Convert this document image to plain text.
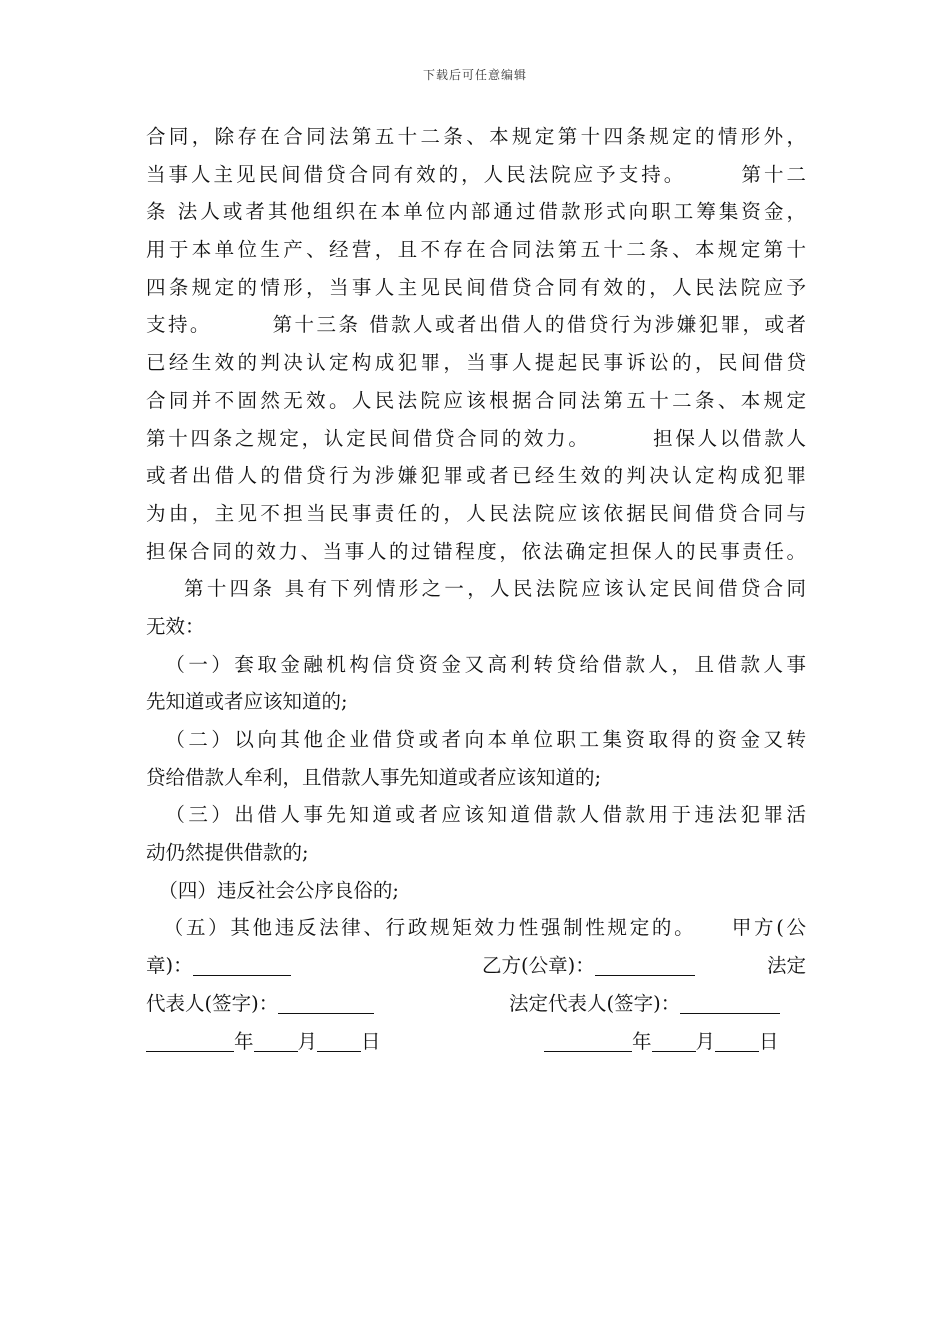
下载后可任意编辑
合同，除存在合同法第五十二条、本规定第十四条规定的情形外，
当事人主见民间借贷合同有效的，人民法院应予支持。      第十二
条 法人或者其他组织在本单位内部通过借款形式向职工筹集资金，
用于本单位生产、经营，且不存在合同法第五十二条、本规定第十
四条规定的情形，当事人主见民间借贷合同有效的，人民法院应予
支持。       第十三条 借款人或者出借人的借贷行为涉嫌犯罪，或者
已经生效的判决认定构成犯罪，当事人提起民事诉讼的，民间借贷
合同并不固然无效。人民法院应该根据合同法第五十二条、本规定
第十四条之规定，认定民间借贷合同的效力。       担保人以借款人
或者出借人的借贷行为涉嫌犯罪或者已经生效的判决认定构成犯罪
为由，主见不担当民事责任的，人民法院应该依据民间借贷合同与
担保合同的效力、当事人的过错程度，依法确定担保人的民事责任。
第十四条 具有下列情形之一，人民法院应该认定民间借贷合同
无效：
（一）套取金融机构信贷资金又高利转贷给借款人，且借款人事
先知道或者应该知道的;
（二）以向其他企业借贷或者向本单位职工集资取得的资金又转
贷给借款人牟利，且借款人事先知道或者应该知道的;
（三）出借人事先知道或者应该知道借款人借款用于违法犯罪活
动仍然提供借款的;
（四）违反社会公序良俗的;
（五）其他违反法律、行政规矩效力性强制性规定的。    甲方(公
章)：	乙方(公章)：	法定
代表人(签字)：	法定代表人(签字)：
年 月 日	年 月 日
